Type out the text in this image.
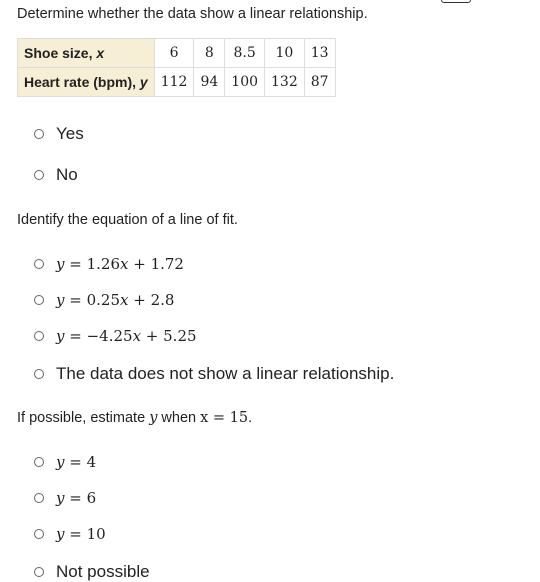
Determine whether the data show a linear relationship.
Shoe size, x	6	8	8.5	10	13
Heart rate (bpm), y	112	94	100	132	87
Yes
No
Identify the equation of a line of fit.
y = 1.26x + 1.72
y = 0.25x + 2.8
y = −4.25x + 5.25
The data does not show a linear relationship.
If possible, estimate y when x = 15.
y = 4
y = 6
y = 10
Not possible
